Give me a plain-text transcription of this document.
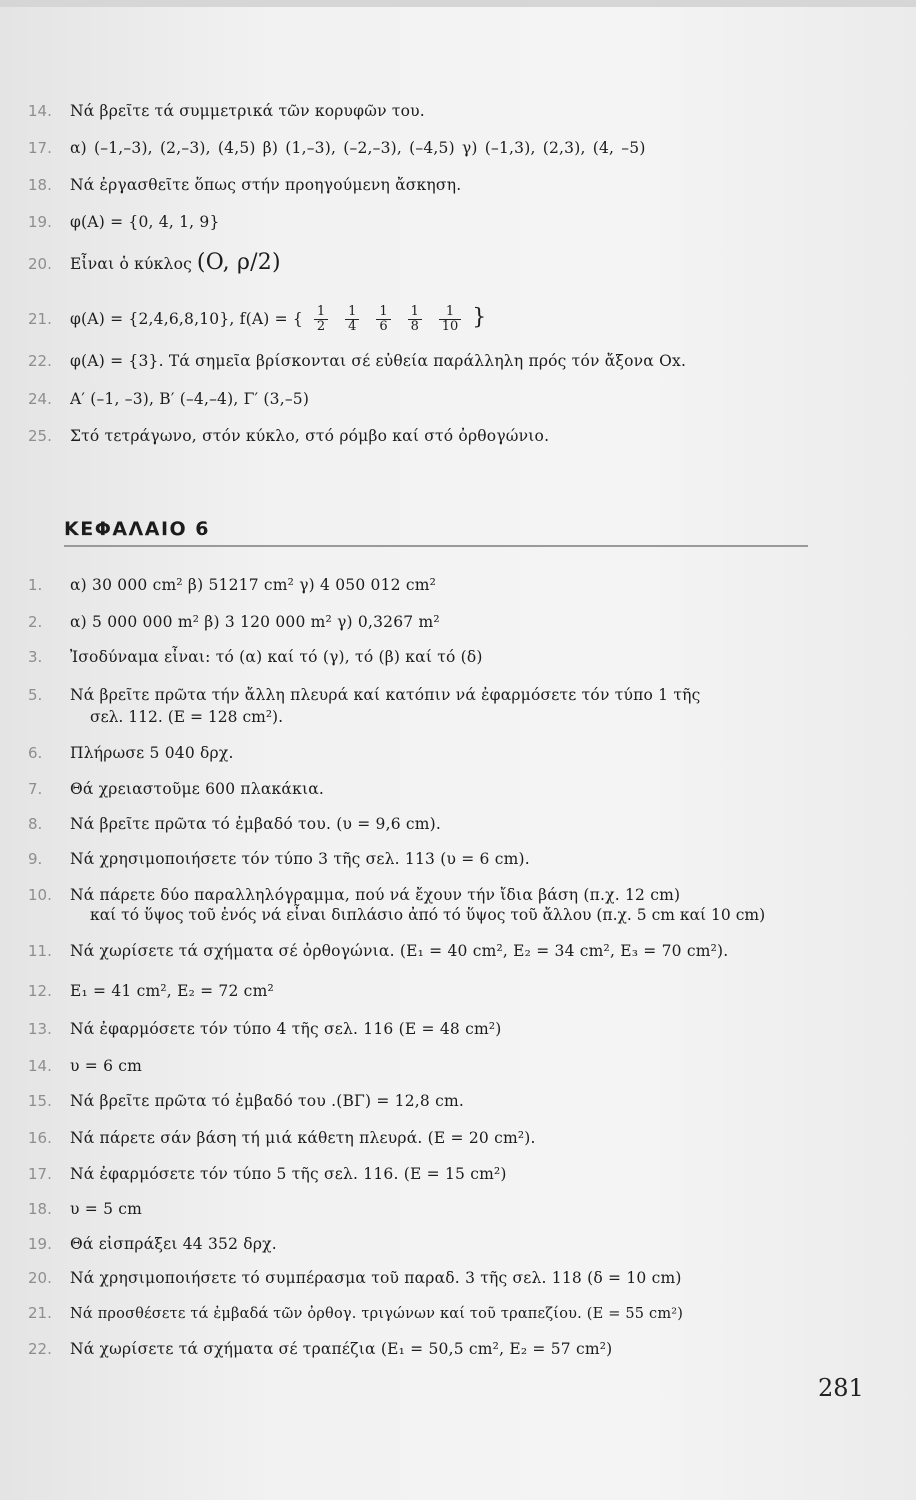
14. Νά βρεῖτε τά συμμετρικά τῶν κορυφῶν του.
17. α) (–1,–3), (2,–3), (4,5) β) (1,–3), (–2,–3), (–4,5) γ) (–1,3), (2,3), (4, –5)
18. Νά ἐργασθεῖτε ὅπως στήν προηγούμενη ἄσκηση.
19. φ(A) = {0, 4, 1, 9}
20. Εἶναι ὁ κύκλος (O, ρ/2)
21. φ(A) = {2,4,6,8,10}, f(A) = { $\frac{1}{2}$
$\frac{1}{4}$
$\frac{1}{6}$
$\frac{1}{8}$
$\frac{1}{10}$ }
22. φ(A) = {3}. Τά σημεῖα βρίσκονται σέ εὐθεία παράλληλη πρός τόν ἄξονα Ox.
24. A′ (–1, –3), B′ (–4,–4), Γ′ (3,–5)
25. Στό τετράγωνο, στόν κύκλο, στό ρόμβο καί στό ὀρθογώνιο.
ΚΕΦΑΛΑΙΟ 6
1. α) 30 000 cm² β) 51217 cm² γ) 4 050 012 cm²
2. α) 5 000 000 m² β) 3 120 000 m² γ) 0,3267 m²
3. Ἰσοδύναμα εἶναι: τό (α) καί τό (γ), τό (β) καί τό (δ)
5. Νά βρεῖτε πρῶτα τήν ἄλλη πλευρά καί κατόπιν νά ἐφαρμόσετε τόν τύπο 1 τῆς
σελ. 112. (E = 128 cm²).
6. Πλήρωσε 5 040 δρχ.
7. Θά χρειαστοῦμε 600 πλακάκια.
8. Νά βρεῖτε πρῶτα τό ἐμβαδό του. (υ = 9,6 cm).
9. Νά χρησιμοποιήσετε τόν τύπο 3 τῆς σελ. 113 (υ = 6 cm).
10. Νά πάρετε δύο παραλληλόγραμμα, πού νά ἔχουν τήν ἴδια βάση (π.χ. 12 cm)
καί τό ὕψος τοῦ ἑνός νά εἶναι διπλάσιο ἀπό τό ὕψος τοῦ ἄλλου (π.χ. 5 cm καί 10 cm)
11. Νά χωρίσετε τά σχήματα σέ ὀρθογώνια. (E₁ = 40 cm², E₂ = 34 cm², E₃ = 70 cm²).
12. E₁ = 41 cm², E₂ = 72 cm²
13. Νά ἐφαρμόσετε τόν τύπο 4 τῆς σελ. 116 (E = 48 cm²)
14. υ = 6 cm
15. Νά βρεῖτε πρῶτα τό ἐμβαδό του .(BΓ) = 12,8 cm.
16. Νά πάρετε σάν βάση τή μιά κάθετη πλευρά. (E = 20 cm²).
17. Νά ἐφαρμόσετε τόν τύπο 5 τῆς σελ. 116. (E = 15 cm²)
18. υ = 5 cm
19. Θά εἰσπράξει 44 352 δρχ.
20. Νά χρησιμοποιήσετε τό συμπέρασμα τοῦ παραδ. 3 τῆς σελ. 118 (δ = 10 cm)
21. Νά προσθέσετε τά ἐμβαδά τῶν ὀρθογ. τριγώνων καί τοῦ τραπεζίου. (E = 55 cm²)
22. Νά χωρίσετε τά σχήματα σέ τραπέζια (E₁ = 50,5 cm², E₂ = 57 cm²)
281
